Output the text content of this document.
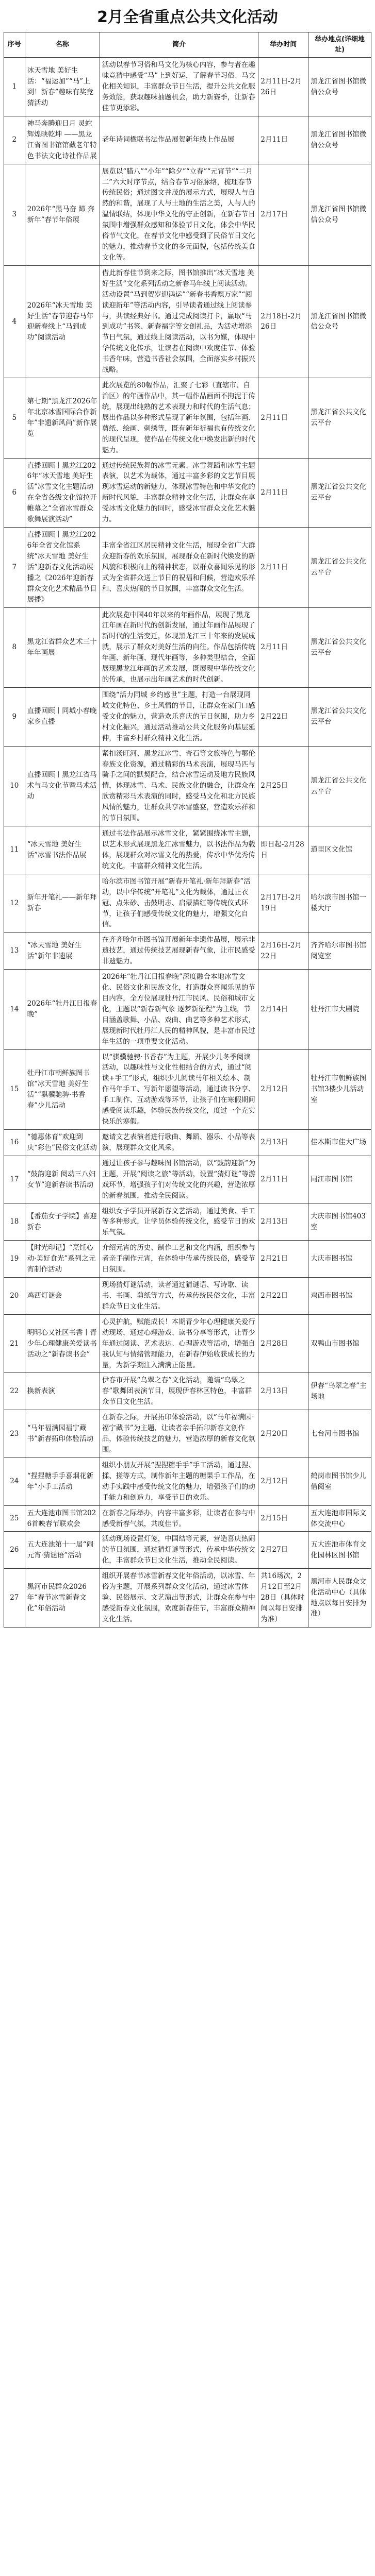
2月全省重点公共文化活动
序号	名称	简介	举办时间	举办地点(详细地址)
1	冰天雪地 美好生活：“福运加”“马”上到！新春”趣味有奖竞猜活动	活动以春节习俗和马文化为核心内容，参与者在趣味竞猜中感受“马”上到好运，了解春节习俗、马文化相关知识，丰富群众节日生活，提升公共文化服务效能，获取趣味抽题机会，助力新赛季，让新春佳节更添彩。	2月11日-2月26日	黑龙江省图书馆微信公众号
2	神马奔腾迎日月 灵蛇辉煌映乾坤 ——黑龙江省图书馆馆藏老年特色书法文化诗社作品展	老年诗词楹联书法作品展贺新年线上作品展	2月11日	黑龙江省图书馆微信公众号
3	2026年“黑马奋 蹄 奔 新年”春节年俗展	展览以“腊八”“小年”“除夕”“立春”“元宵节”“二月二”六大时序节点，结合春节习俗脉络，梳理春节传统民俗；通过图文并茂的展示方式，展现人与自然的和谐，展现了人与土地的生活之美，人与人的温情联结，体现中华文化的守正创新，在新春节日氛围中增强群众感知和体验节日文化，体会中华民俗节气文化，在春节文化中感受到了民俗节日文化的魅力，推动春节文化的多元面貌，包括传统美食文化等。	2月17日	黑龙江省图书馆微信公众号
4	2026年“冰天雪地 美好生活”春节迎春马年迎新春线上“马到成功”阅读活动	借此新春佳节到来之际，图书馆推出“冰天雪地 美好生活”文化系列活动之新春马年线上阅读活动。活动设置“马到贺岁迎鸿运”“新春书香飘万家”“阅读迎新年”等活动内容，引导读者通过线上阅读参与，共读经典好书。通过完成阅读打卡，赢取“马到成功”书签、新春福字等文创礼品，为活动增添节日气氛，通过线上阅读活动，以书为媒，体现中华传统文化传承，让读者在阅读中欢度佳节、体验书香年味，营造书香社会氛围，全面落实乡村振兴战略。	2月18日-2月26日	黑龙江省图书馆微信公众号
5	第七期“黑龙江2026年年北京冰雪国际合作新年”非遗新风尚”新作展览	此次展览的80幅作品，汇聚了七彩（直辖市、自治区）的年画作品中，其一幅作品画面不拘泥于传统，展现出纯熟的艺术表现力和时代的生活气息；展出作品以多种形式呈现了新年氛围，包括年画、剪纸、绘画、刺绣等，既有新年祈福也有传统文化的现代呈现，使作品在传统文化中焕发出新的时代魅力。	2月11日	黑龙江省公共文化云平台
6	直播回顾丨黑龙江2026年“冰天雪地 美好生活”冰雪文化主题活动在全省各级文化馆拉开帷幕之“全省冰雪群众歌舞展演活动”	通过传统民族舞的冰雪元素、冰雪舞蹈和冰雪主题表演，以艺术为载体，通过丰富多彩的文艺节目展现冰雪运动的新魅力，体现冰雪特色和中华文化的新时代风貌，丰富群众精神文化生活，让群众在享受冰雪文化魅力的同时，感受冰雪群众文化艺术魅力。	2月11日	黑龙江省公共文化云平台
7	直播回顾丨黑龙江2026年全省文化馆系统“冰天雪地 美好生活”迎新春文化活动展播之《2026年迎新春群众文化艺术精品节目展播》	丰富全省江区居民精神文化生活，展现全省广大群众迎新春的欢乐氛围，展现群众在新时代焕发的新风貌和积极向上的精神状态，以群众喜闻乐见的形式为全省群众送上节日的祝福和问候，营造欢乐祥和、喜庆热闹的节日氛围，丰富群众文化生活。	2月11日	黑龙江省公共文化云平台
8	黑龙江省群众艺术三十年年画展	此次展览中国40年以来的年画作品，展现了黑龙江年画在新时代的创新发展，通过年画作品展现了新时代的生活变迁，体现黑龙江三十年来的发展成就，展示了群众对美好生活的向往。作品包括传统年画、新年画、现代年画等，多种类型结合，全面展现黑龙江年画的艺术发展，既展现中华传统文化的传承，也展示出年画艺术的时代创新。	2月11日	黑龙江省公共文化云平台
9	直播回顾丨同城小春晚家乡直播	围绕“活力同城 乡约感世”主题，打造一台展现同城文化特色、乡土风情的节目，让群众在家门口感受文化的魅力，营造欢乐喜庆的节日氛围，助力乡村文化振兴，通过活动推动公共文化服务向基层延伸，丰富乡村群众精神文化生活。	2月22日	黑龙江省公共文化云平台
10	直播回顾丨黑龙江省马术与马文化节暨马术活动	紧扣汤旺河、黑龙江冰雪、奇石等文旅特色与鄂伦春族文化资源，通过精彩的马术表演，展现马匹与骑手之间的默契配合，结合冰雪运动及地方民族风情，体现冰雪、马术、民族文化的融合，让群众在欣赏精彩马术表演的同时，感受马文化和北方民族风情的魅力，让群众共享冰雪盛宴，营造欢乐祥和的节日氛围。	2月25日	黑龙江省公共文化云平台
11	“冰天雪地 美好生活”冰雪书法作品展	通过书法作品展示冰雪文化，紧紧围绕冰雪主题，以艺术形式展现黑龙江冰雪魅力，以书法作品为载体，展现群众对冰雪文化的热爱，传承中华优秀传统文化，丰富群众精神文化生活。	即日起-2月28日	道里区文化馆
12	新年开笔礼——新年拜新春	哈尔滨市图书馆开展“新春开笔礼·新年拜新春”活动，以中华传统“开笔礼”文化为载体，通过正衣冠、点朱砂、击鼓明志、启蒙描红等传统仪式环节，让孩子们感受传统文化的魅力，增强文化自信。	2月17日-2月19日	哈尔滨市图书馆一楼大厅
13	“冰天雪地 美好生活”新年非遗展	在齐齐哈尔市图书馆开展新年非遗作品展，展示非遗技艺，通过传统技艺展现新春气象，让市民感受非遗魅力。	2月16日-2月22日	齐齐哈尔市图书馆阅览室
14	2026年“牡丹江日报春晚”	2026年“牡丹江日报春晚”深度融合本地冰雪文化、民俗文化和民族文化，打造群众喜闻乐见的节目内容，全方位展现牡丹江市民风、民俗和城市文化，主题以“新春新气象 逐梦新征程”为主线，节目涵盖歌舞、小品、戏曲、曲艺等多种艺术形式，展现新时代牡丹江人民的精神风貌，是丰富市民过年生活的一项重要文化活动。	2月14日	牡丹江市大剧院
15	牡丹江市朝鲜族图书馆“冰天雪地 美好生活”“骐骥驰骋·书香春”少儿活动	以“骐骥驰骋·书香春”为主题，开展少儿冬季阅读活动，以趣味性与文化性相结合的方式，通过“阅读+手工”形式，组织少儿阅读马年相关绘本、制作马年手工、写新年愿望等活动，通过读书分享、手工制作、互动游戏等环节，让孩子们在寒假期间感受阅读乐趣，体验民族传统文化，度过一个充实快乐的寒假。	2月12日	牡丹江市朝鲜族图书馆3楼少儿活动室
16	“德惠体育”欢迎到庆“彩色”民俗文化活动	邀请文艺表演者进行歌曲、舞蹈、器乐、小品等表演，展现群众文化风采。	2月13日	佳木斯市佳大广场
17	“鼓韵迎新 阅动三八妇女节”迎新春读书活动	通过让孩子参与趣味图书馆活动，以“鼓韵迎新”为主题，开展“阅读之旅”等活动，设置“猜灯谜”等游戏环节，增强孩子们对传统文化的兴趣，营造浓厚的新春氛围，推动全民阅读。	2月11日	同江市图书馆
18	【番茄女子学院】喜迎新春	组织女子学员开展新春文艺活动，通过美食、手工等多种形式，让学员体验传统文化，感受节日的欢乐气氛。	2月13日	大庆市图书馆403室
19	【时光印记】“烹饪心动·美好食光”系列之元宵制作活动	介绍元宵的历史、制作工艺和文化内涵，组织参与者亲手制作元宵，在体验中传承传统民俗，感受节日氛围。	2月21日	大庆市图书馆
20	鸡西灯谜会	现场猜灯谜活动，读者通过猜谜语、写诗歌、读书、书画、剪纸等方式，传承传统民俗文化，丰富群众节日文化生活。	2月22日	鸡西市图书馆
21	明明心又社区书香丨青少年心理健康关爱读书活动之“新春读书会”	心灵护航，赋能成长！本期青少年心理健康关爱行动现场，通过心理游戏、读书分享等形式，让青少年通过阅读、艺术表达、心理游戏等活动，增强自我认知与情绪管理能力，在新春伊始收获成长的力量，为新学期注入满满正能量。	2月28日	双鸭山市图书馆
22	换新表演	伊春市开展“乌翠之春”文化活动，邀请“乌翠之春”歌舞团表演节目，展现伊春林区特色，丰富群众节日文化生活。	2月13日	伊春“乌翠之春”主场地
23	“马年福满园福宁藏书”新春拓印体验活动	在新春之际，开展拓印体验活动，以“马年福满园·福宁藏书”为主题，让读者亲手拓印新春文创作品，体验传统技艺的魅力，营造浓厚的新春文化氛围。	2月20日	七台河市图书馆
24	“捏捏糖手手喜烟花新年”小手工活动	组织小朋友开展“捏捏糖手手”手工活动，通过捏、揉、搓等方式，制作新年主题的糖果手工作品，在动手实践中感受传统文化的魅力，增强孩子们的动手能力和创造力，享受节日的欢乐。	2月12日	鹤岗市图书馆少儿借阅室
25	五大连池市图书馆2026首映春节联欢会	在新春之际举办，内容丰富多彩，让读者在参与中感受新春气氛，共度佳节。	2月15日	五大连池市国际文体交流中心
26	五大连池第十一届“闹元宵·猜谜语”活动	活动现场设置灯笼，中国结等元素，营造喜庆热闹的节日氛围，通过猜灯谜等形式，传承中华传统文化，丰富群众节日文化生活，推动全民阅读。	2月27日	五大连池市体育文化园林区图书馆
27	黑河市民群众2026年“春节冰雪新春文化”年俗活动	组织开展春节冰雪新春文化年俗活动，以冰雪、年俗为主题，开展系列群众文化活动，通过冰雪体验、民俗展示、文艺演出等形式，让群众在参与中感受新春文化氛围，欢度新春佳节，丰富群众精神文化生活。	共16场次，2月12日至2月28日（具体时间以每日安排为准）	黑河市人民群众文化活动中心（具体地点以每日安排为准）
